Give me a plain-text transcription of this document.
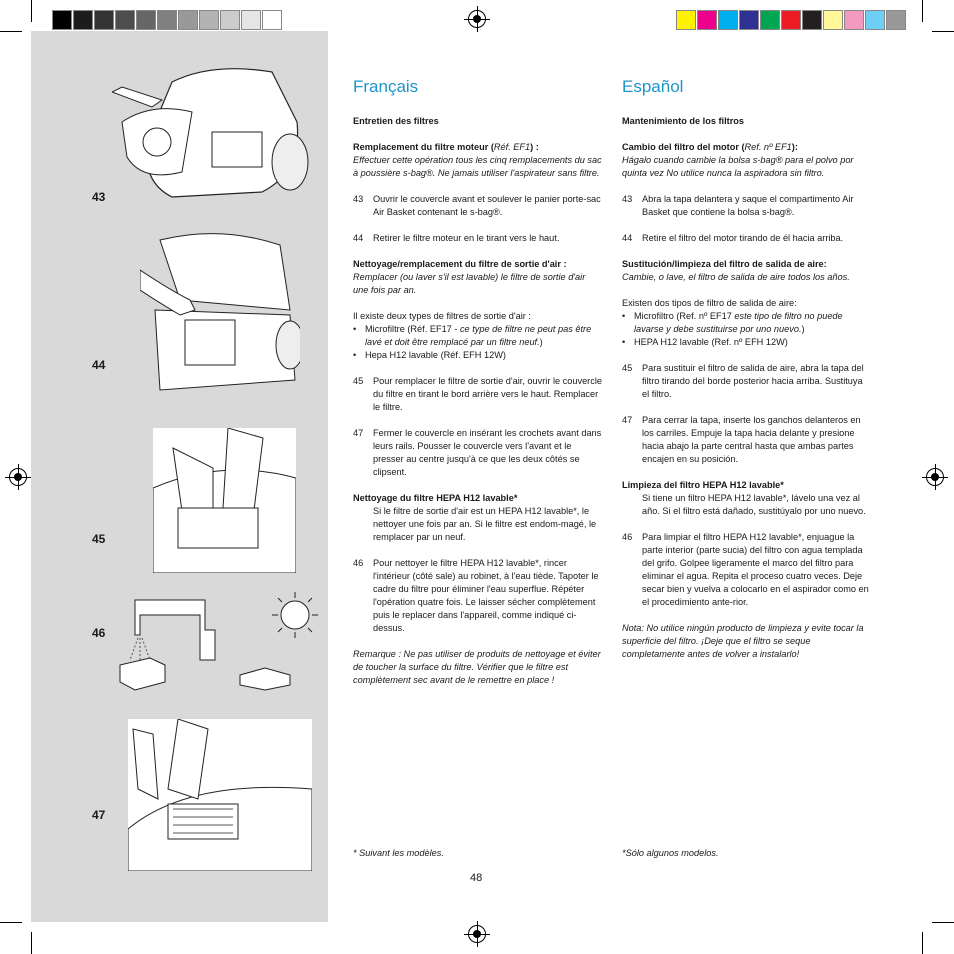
43
44
45
46
47
Français

Entretien des filtres

Remplacement du filtre moteur (Réf. EF1) :

Effectuer cette opération tous les cinq remplacements du sac à poussière s-bag®. Ne jamais utiliser l'aspirateur sans filtre.

43	Ouvrir le couvercle avant et soulever le panier porte-sac Air Basket contenant le s-bag®.
44	Retirer le filtre moteur en le tirant vers le haut.

Nettoyage/remplacement du filtre de sortie d'air :

Remplacer (ou laver s'il est lavable) le filtre de sortie d'air une fois par an.

Il existe deux types de filtres de sortie d'air :

• Microfiltre (Réf. EF17 - ce type de filtre ne peut pas être lavé et doit être remplacé par un filtre neuf.)
• Hepa H12 lavable (Réf. EFH 12W)
45	Pour remplacer le filtre de sortie d'air, ouvrir le couvercle du filtre en tirant le bord arrière vers le haut. Remplacer le filtre.
47	Fermer le couvercle en insérant les crochets avant dans leurs rails. Pousser le couvercle vers l'avant et le presser au centre jusqu'à ce que les deux côtés se clipsent.

Nettoyage du filtre HEPA H12 lavable*

Si le filtre de sortie d'air est un HEPA H12 lavable*, le nettoyer une fois par an. Si le filtre est endom-magé, le remplacer par un neuf.

46	Pour nettoyer le filtre HEPA H12 lavable*, rincer l'intérieur (côté sale) au robinet, à l'eau tiède. Tapoter le cadre du filtre pour éliminer l'eau superflue. Répéter l'opération quatre fois. Le laisser sécher complètement puis le replacer dans l'appareil, comme indiqué ci-dessus.

Remarque : Ne pas utiliser de produits de nettoyage et éviter de toucher la surface du filtre. Vérifier que le filtre est complètement sec avant de le remettre en place !

* Suivant les modèles.
Español

Mantenimiento de los filtros

Cambio del filtro del motor (Ref. nº EF1):

Hágalo cuando cambie la bolsa s-bag® para el polvo por quinta vez No utilice nunca la aspiradora sin filtro.

43	Abra la tapa delantera y saque el compartimento Air Basket que contiene la bolsa s-bag®.
44	Retire el filtro del motor tirando de él hacia arriba.

Sustitución/limpieza del filtro de salida de aire:

Cambie, o lave, el filtro de salida de aire todos los años.

Existen dos tipos de filtro de salida de aire:

• Microfiltro (Ref. nº EF17 este tipo de filtro no puede lavarse y debe sustituirse por uno nuevo.)
• HEPA H12 lavable (Ref. nº EFH 12W)
45	Para sustituir el filtro de salida de aire, abra la tapa del filtro tirando del borde posterior hacia arriba. Sustituya el filtro.
47	Para cerrar la tapa, inserte los ganchos delanteros en los carriles. Empuje la tapa hacia delante y presione hacia abajo la parte central hasta que ambas partes encajen en su posición.

Limpieza del filtro HEPA H12 lavable*

Si tiene un filtro HEPA H12 lavable*, lávelo una vez al año. Si el filtro está dañado, sustitúyalo por uno nuevo.

46	Para limpiar el filtro HEPA H12 lavable*, enjuague la parte interior (parte sucia) del filtro con agua templada del grifo. Golpee ligeramente el marco del filtro para eliminar el agua. Repita el proceso cuatro veces. Deje secar bien y vuelva a colocarlo en el aspirador como en el procedimiento ante-rior.

Nota: No utilice ningún producto de limpieza y evite tocar la superficie del filtro. ¡Deje que el filtro se seque completamente antes de volver a instalarlo!

*Sólo algunos modelos.
48
